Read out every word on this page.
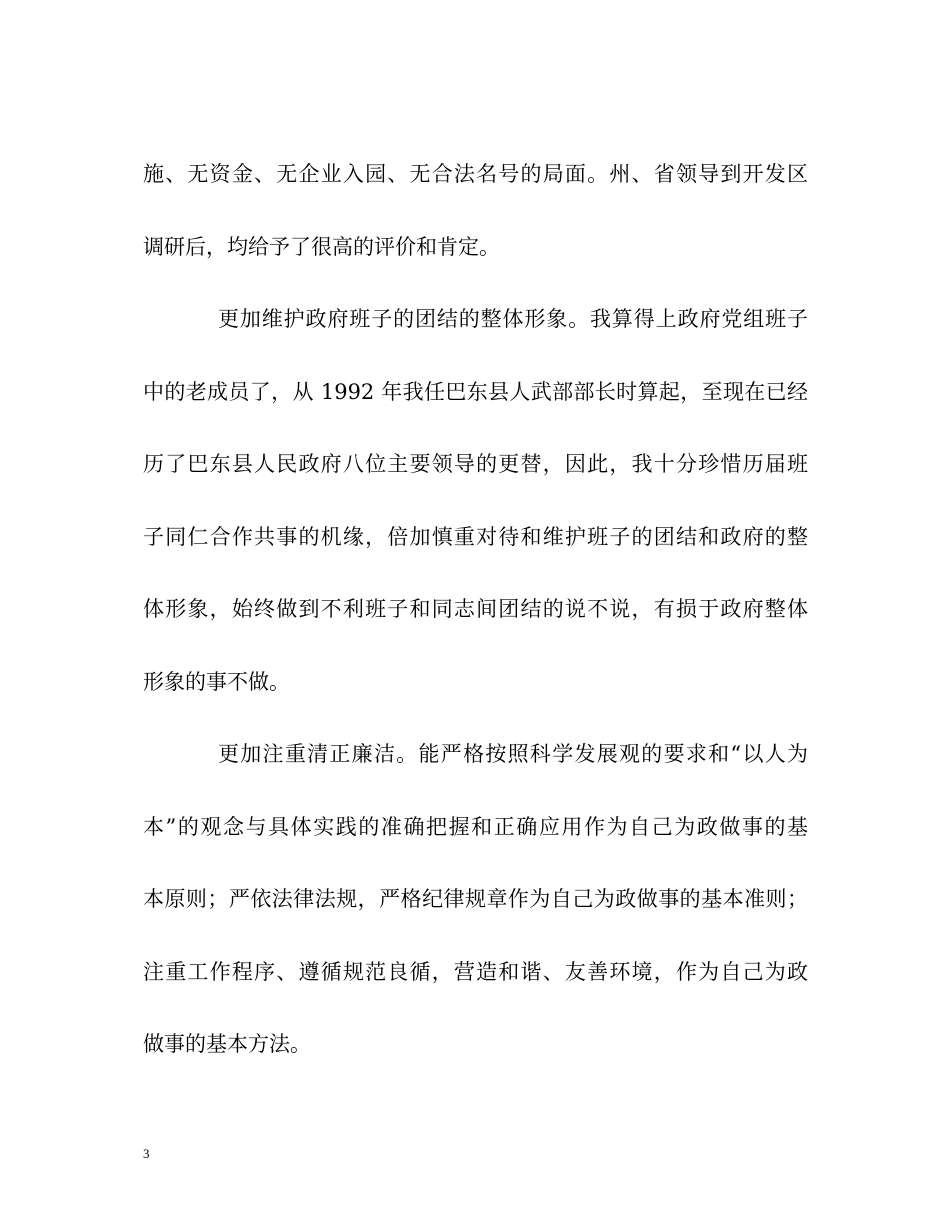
施、无资金、无企业入园、无合法名号的局面。州、省领导到开发区
调研后，均给予了很高的评价和肯定。
更加维护政府班子的团结的整体形象。我算得上政府党组班子
中的老成员了，从 1992 年我任巴东县人武部部长时算起，至现在已经
历了巴东县人民政府八位主要领导的更替，因此，我十分珍惜历届班
子同仁合作共事的机缘，倍加慎重对待和维护班子的团结和政府的整
体形象，始终做到不利班子和同志间团结的说不说，有损于政府整体
形象的事不做。
更加注重清正廉洁。能严格按照科学发展观的要求和“以人为
本”的观念与具体实践的准确把握和正确应用作为自己为政做事的基
本原则；严依法律法规，严格纪律规章作为自己为政做事的基本准则；
注重工作程序、遵循规范良循，营造和谐、友善环境，作为自己为政
做事的基本方法。
3
